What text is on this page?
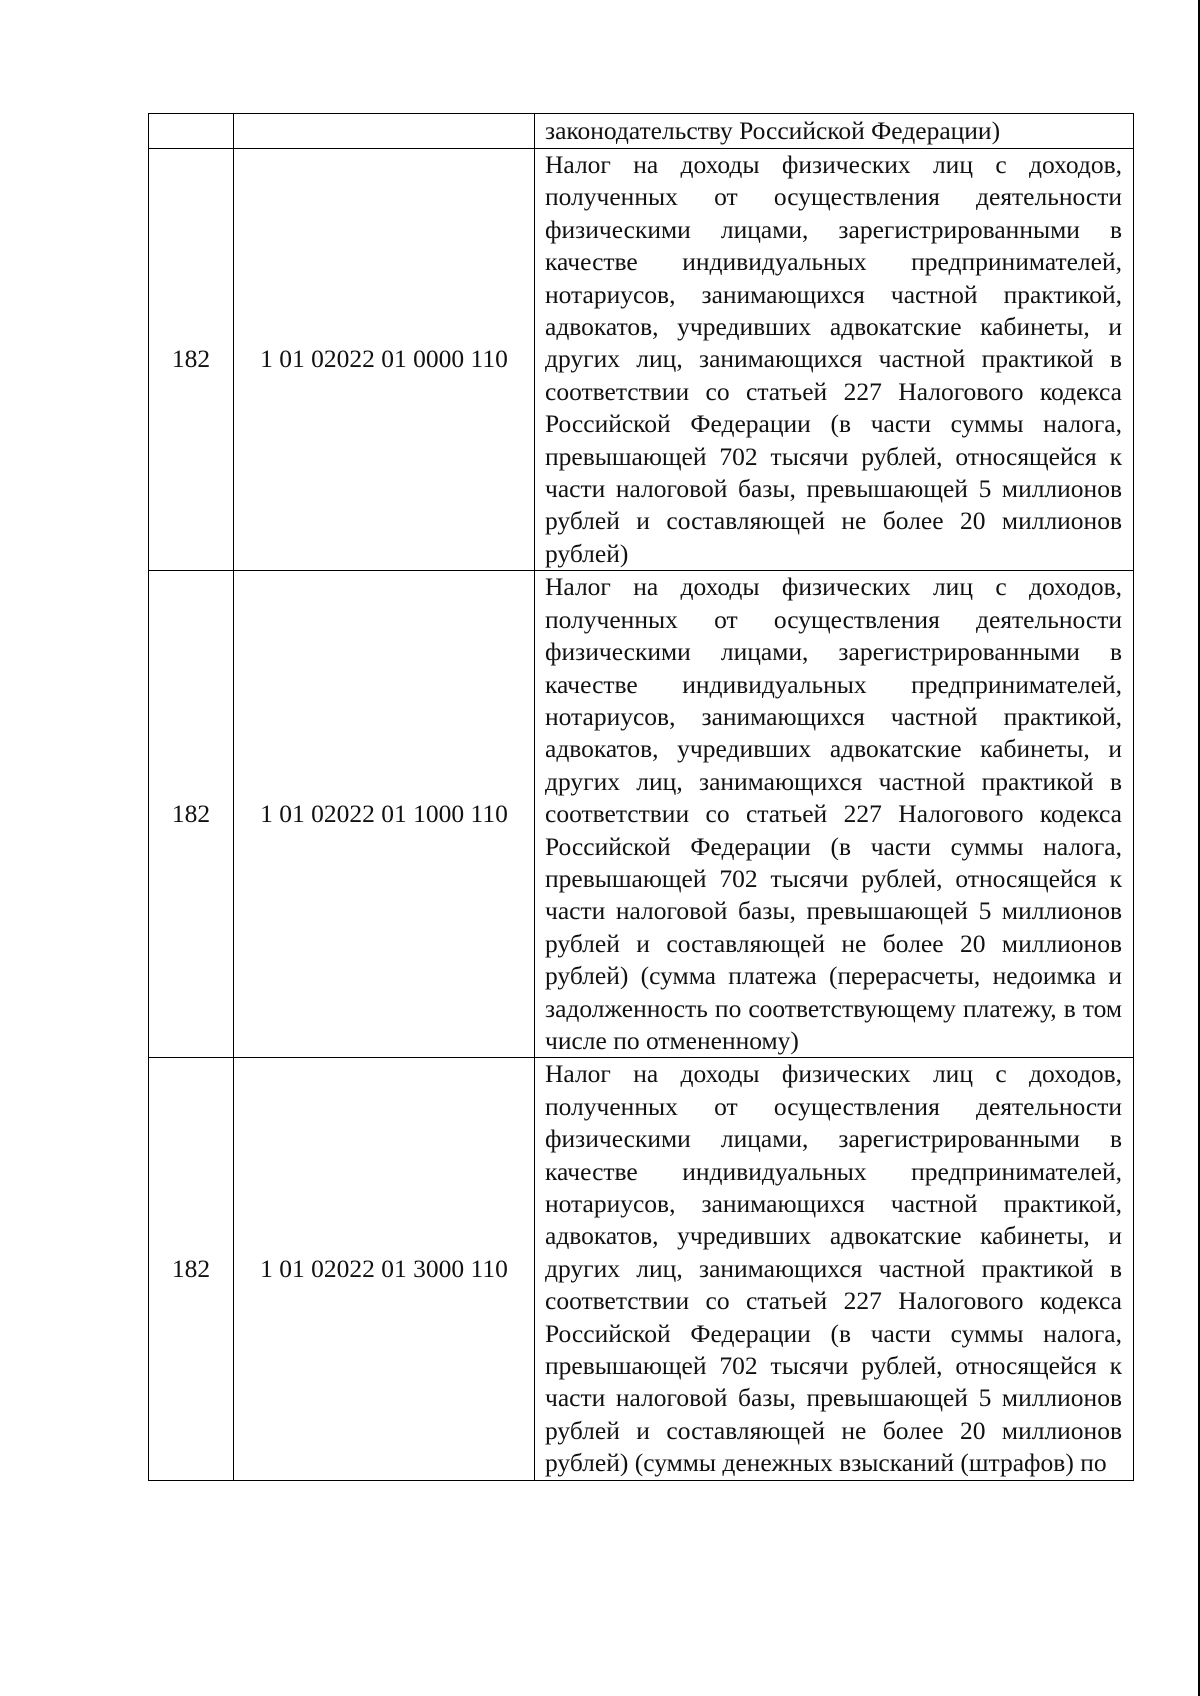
		законодательству Российской Федерации)

182	1 01 02022 01 0000 110	Налог на доходы физических лиц с доходов, полученных от осуществления деятельности физическими лицами, зарегистрированными в качестве индивидуальных предпринимателей, нотариусов, занимающихся частной практикой, адвокатов, учредивших адвокатские кабинеты, и других лиц, занимающихся частной практикой в соответствии со статьей 227 Налогового кодекса Российской Федерации (в части суммы налога, превышающей 702 тысячи рублей, относящейся к части налоговой базы, превышающей 5 миллионов рублей и составляющей не более 20 миллионов рублей)

182	1 01 02022 01 1000 110	Налог на доходы физических лиц с доходов, полученных от осуществления деятельности физическими лицами, зарегистрированными в качестве индивидуальных предпринимателей, нотариусов, занимающихся частной практикой, адвокатов, учредивших адвокатские кабинеты, и других лиц, занимающихся частной практикой в соответствии со статьей 227 Налогового кодекса Российской Федерации (в части суммы налога, превышающей 702 тысячи рублей, относящейся к части налоговой базы, превышающей 5 миллионов рублей и составляющей не более 20 миллионов рублей) (сумма платежа (перерасчеты, недоимка и задолженность по соответствующему платежу, в том числе по отмененному)

182	1 01 02022 01 3000 110	Налог на доходы физических лиц с доходов, полученных от осуществления деятельности физическими лицами, зарегистрированными в качестве индивидуальных предпринимателей, нотариусов, занимающихся частной практикой, адвокатов, учредивших адвокатские кабинеты, и других лиц, занимающихся частной практикой в соответствии со статьей 227 Налогового кодекса Российской Федерации (в части суммы налога, превышающей 702 тысячи рублей, относящейся к части налоговой базы, превышающей 5 миллионов рублей и составляющей не более 20 миллионов рублей) (суммы денежных взысканий (штрафов) по
